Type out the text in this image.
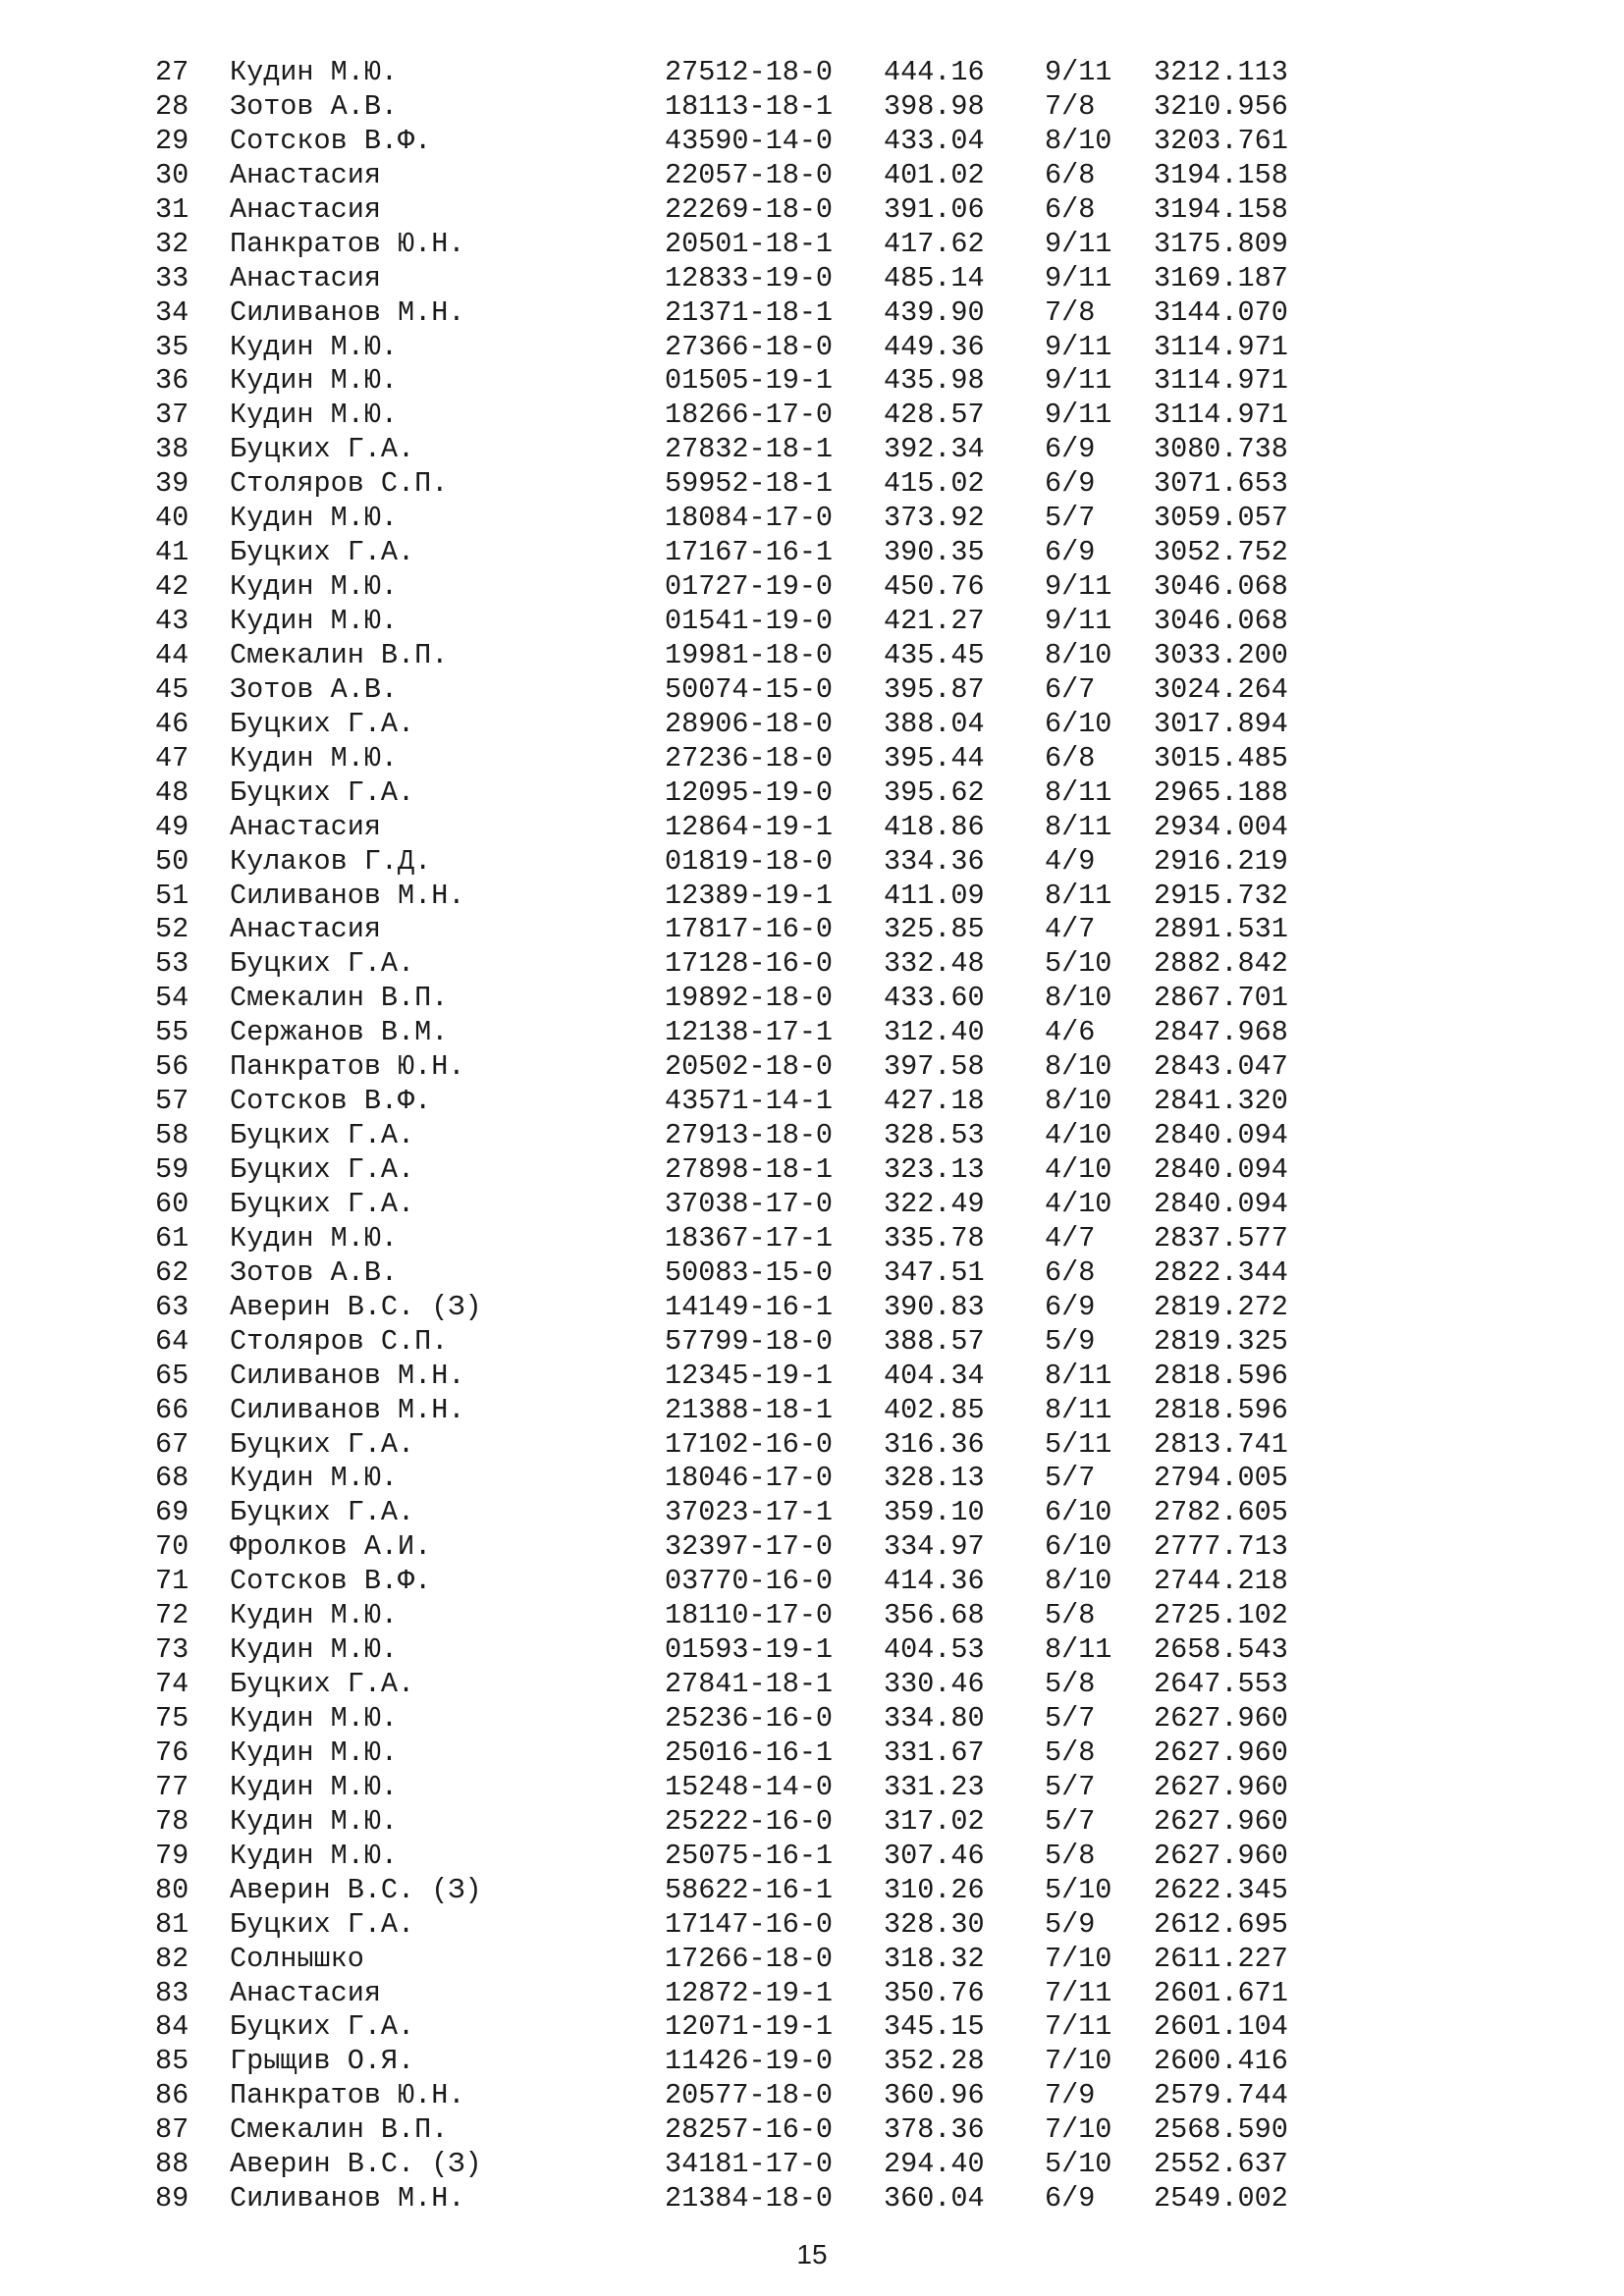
27	Кудин М.Ю.	27512-18-0	444.16	9/11	3212.113
28	Зотов А.В.	18113-18-1	398.98	7/8	3210.956
29	Сотсков В.Ф.	43590-14-0	433.04	8/10	3203.761
30	Анастасия	22057-18-0	401.02	6/8	3194.158
31	Анастасия	22269-18-0	391.06	6/8	3194.158
32	Панкратов Ю.Н.	20501-18-1	417.62	9/11	3175.809
33	Анастасия	12833-19-0	485.14	9/11	3169.187
34	Силиванов М.Н.	21371-18-1	439.90	7/8	3144.070
35	Кудин М.Ю.	27366-18-0	449.36	9/11	3114.971
36	Кудин М.Ю.	01505-19-1	435.98	9/11	3114.971
37	Кудин М.Ю.	18266-17-0	428.57	9/11	3114.971
38	Буцких Г.А.	27832-18-1	392.34	6/9	3080.738
39	Столяров С.П.	59952-18-1	415.02	6/9	3071.653
40	Кудин М.Ю.	18084-17-0	373.92	5/7	3059.057
41	Буцких Г.А.	17167-16-1	390.35	6/9	3052.752
42	Кудин М.Ю.	01727-19-0	450.76	9/11	3046.068
43	Кудин М.Ю.	01541-19-0	421.27	9/11	3046.068
44	Смекалин В.П.	19981-18-0	435.45	8/10	3033.200
45	Зотов А.В.	50074-15-0	395.87	6/7	3024.264
46	Буцких Г.А.	28906-18-0	388.04	6/10	3017.894
47	Кудин М.Ю.	27236-18-0	395.44	6/8	3015.485
48	Буцких Г.А.	12095-19-0	395.62	8/11	2965.188
49	Анастасия	12864-19-1	418.86	8/11	2934.004
50	Кулаков Г.Д.	01819-18-0	334.36	4/9	2916.219
51	Силиванов М.Н.	12389-19-1	411.09	8/11	2915.732
52	Анастасия	17817-16-0	325.85	4/7	2891.531
53	Буцких Г.А.	17128-16-0	332.48	5/10	2882.842
54	Смекалин В.П.	19892-18-0	433.60	8/10	2867.701
55	Сержанов В.М.	12138-17-1	312.40	4/6	2847.968
56	Панкратов Ю.Н.	20502-18-0	397.58	8/10	2843.047
57	Сотсков В.Ф.	43571-14-1	427.18	8/10	2841.320
58	Буцких Г.А.	27913-18-0	328.53	4/10	2840.094
59	Буцких Г.А.	27898-18-1	323.13	4/10	2840.094
60	Буцких Г.А.	37038-17-0	322.49	4/10	2840.094
61	Кудин М.Ю.	18367-17-1	335.78	4/7	2837.577
62	Зотов А.В.	50083-15-0	347.51	6/8	2822.344
63	Аверин В.С. (З)	14149-16-1	390.83	6/9	2819.272
64	Столяров С.П.	57799-18-0	388.57	5/9	2819.325
65	Силиванов М.Н.	12345-19-1	404.34	8/11	2818.596
66	Силиванов М.Н.	21388-18-1	402.85	8/11	2818.596
67	Буцких Г.А.	17102-16-0	316.36	5/11	2813.741
68	Кудин М.Ю.	18046-17-0	328.13	5/7	2794.005
69	Буцких Г.А.	37023-17-1	359.10	6/10	2782.605
70	Фролков А.И.	32397-17-0	334.97	6/10	2777.713
71	Сотсков В.Ф.	03770-16-0	414.36	8/10	2744.218
72	Кудин М.Ю.	18110-17-0	356.68	5/8	2725.102
73	Кудин М.Ю.	01593-19-1	404.53	8/11	2658.543
74	Буцких Г.А.	27841-18-1	330.46	5/8	2647.553
75	Кудин М.Ю.	25236-16-0	334.80	5/7	2627.960
76	Кудин М.Ю.	25016-16-1	331.67	5/8	2627.960
77	Кудин М.Ю.	15248-14-0	331.23	5/7	2627.960
78	Кудин М.Ю.	25222-16-0	317.02	5/7	2627.960
79	Кудин М.Ю.	25075-16-1	307.46	5/8	2627.960
80	Аверин В.С. (З)	58622-16-1	310.26	5/10	2622.345
81	Буцких Г.А.	17147-16-0	328.30	5/9	2612.695
82	Солнышко	17266-18-0	318.32	7/10	2611.227
83	Анастасия	12872-19-1	350.76	7/11	2601.671
84	Буцких Г.А.	12071-19-1	345.15	7/11	2601.104
85	Грыщив О.Я.	11426-19-0	352.28	7/10	2600.416
86	Панкратов Ю.Н.	20577-18-0	360.96	7/9	2579.744
87	Смекалин В.П.	28257-16-0	378.36	7/10	2568.590
88	Аверин В.С. (З)	34181-17-0	294.40	5/10	2552.637
89	Силиванов М.Н.	21384-18-0	360.04	6/9	2549.002
15
